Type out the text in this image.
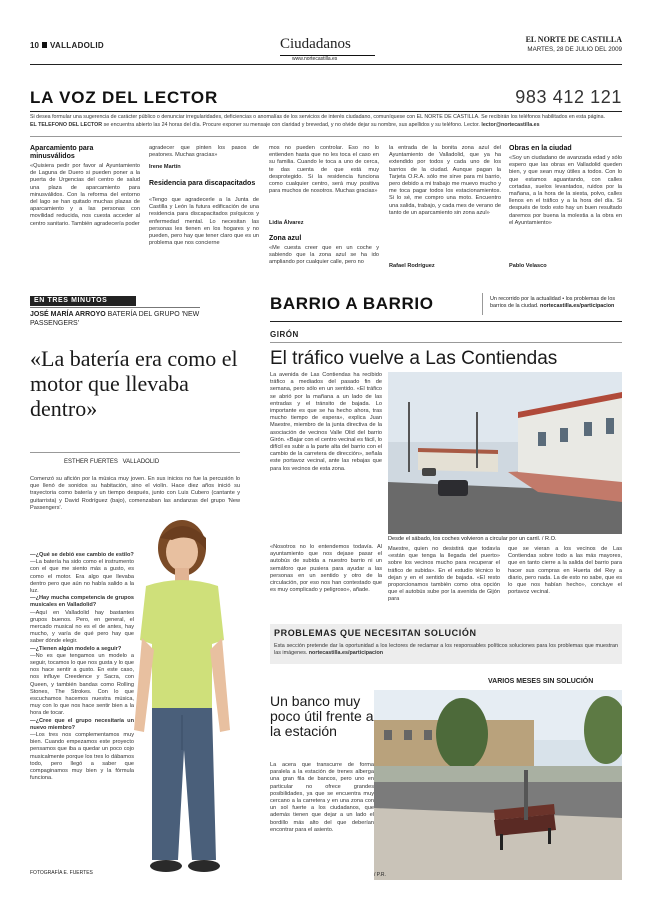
10 VALLADOLID	Ciudadanos
www.nortecastilla.es
EL NORTE DE CASTILLA
MARTES, 28 DE JULIO DEL 2009
LA VOZ DEL LECTOR	983 412 121
Si desea formular una sugerencia de carácter público o denunciar irregularidades, deficiencias o anomalías de los servicios de interés ciudadano, comuníquese con EL NORTE DE CASTILLA. Se recibirán los teléfonos habilitados en esta página.
EL TELÉFONO DEL LECTOR se encuentra abierto las 24 horas del día. Procure exponer su mensaje con claridad y brevedad, y no olvide dejar su nombre, sus apellidos y su teléfono. Lector. lector@nortecastilla.es
Aparcamiento para minusválidos
«Quisiera pedir por favor al Ayuntamiento de Laguna de Duero si pueden poner a la puerta de Urgencias del centro de salud una plaza de aparcamiento para minusválidos. Con la reforma del entorno del lago se han quitado muchas plazas de aparcamiento y a las personas con movilidad reducida, nos cuesta acceder al centro sanitario. También agradecería poder
agradecer que pinten los pasos de peatones. Muchas gracias»
Irene Martín
Residencia para discapacitados
«Tengo que agradecerle a la Junta de Castilla y León la futura edificación de una residencia para discapacitados psíquicos y enfermedad mental. Lo necesitan las personas les tienen en los hogares y no pueden, pero hay que tener claro que es un problema que nos concierne
mos no pueden controlar. Eso no lo entienden hasta que no les toca el caso en su familia. Cuando le toca a uno de cerca, te das cuenta de que está muy desprotegido. Si la residencia funciona como cualquier centro, será muy positiva para muchos de nosotros. Muchas gracias»
Lidia Álvarez
Zona azul
«Me cuesta creer que en un coche y sabiendo que la zona azul se ha ido ampliando por cualquier calle, pero no
la entrada de la bonita zona azul del Ayuntamiento de Valladolid, que ya ha extendido por todos y cada uno de los barrios de la ciudad. Aunque pagan la Tarjeta O.R.A. sólo me sirve para mi barrio, pero debido a mi trabajo me muevo mucho y me toca pagar todos los estacionamientos. Si lo sé, me compro una moto. Encuentro una salida, trabajo, y cada mes de verano de tanto de un aparcamiento sin zona azul»
Rafael Rodríguez
Obras en la ciudad
«Soy un ciudadano de avanzada edad y sólo espero que las obras en Valladolid queden bien, y que sean muy útiles a todos. Con lo que estamos aguantando, con calles cortadas, suelos levantados, ruidos por la mañana, a la hora de la siesta, polvo, calles llenos en el tráfico y a la hora del día. Si después de todo esto hay un buen resultado daremos por buena la molestia a la obra en el Ayuntamiento»
Pablo Velasco
EN TRES MINUTOS
JOSÉ MARÍA ARROYO BATERÍA DEL GRUPO 'NEW PASSENGERS'
«La batería era como el motor que llevaba dentro»
ESTHER FUERTES VALLADOLID
Comenzó su afición por la música muy joven. En sus inicios no fue la percusión lo que llenó de sonidos su habitación, sino el violín. Hace diez años inició su trayectoria como batería y un tiempo después, junto con Luis Cubero (cantante y guitarrista) y David Rodríguez (bajo), comenzaban las andanzas del grupo 'New Passengers'.
—¿Qué se debió ese cambio de estilo?
—La batería ha sido como el instrumento con el que me siento más a gusto, es como el motor. Era algo que llevaba dentro pero que aún no había salido a la luz.
—¿Hay mucha competencia de grupos musicales en Valladolid?
—Aquí en Valladolid hay bastantes grupos buenos. Pero, en general, el mercado musical no es el de antes, hay mucho, y varía de qué pero hay que saber dónde elegir.
—¿Tienen algún modelo a seguir?
—No es que tengamos un modelo a seguir, tocamos lo que nos gusta y lo que nos hace sentir a gusto. En este caso, nos influye Creedence y Sacra, con Queen, y también bandas como Rolling Stones, The Strokes. Con lo que escuchamos hacemos nuestra música, muy con lo que nos hace sentir bien a la hora de tocar.
—¿Cree que el grupo necesitaría un nuevo miembro?
—Los tres nos complementamos muy bien. Cuando empezamos este proyecto pensamos que iba a quedar un poco cojo musicalmente porque los tres lo dábamos todo, pero llegó a saber que compaginamos muy bien y la fórmula funciona.
FOTOGRAFÍA E. FUERTES
BARRIO A BARRIO	Un recorrido por la actualidad • los problemas de los barrios de la ciudad. nortecastilla.es/participacion
GIRÓN
El tráfico vuelve a Las Contiendas
La avenida de Las Contiendas ha recibido tráfico a mediados del pasado fin de semana, pero sólo en un sentido. «El tráfico se abrió por la mañana a un lado de las entradas y el tránsito de bajada. Lo importante es que se ha hecho ahora, tras mucho tiempo de espera», explica Juan Maestre, miembro de la junta directiva de la asociación de vecinos Valle Olid del barrio Girón. «Bajar con el centro vecinal es fácil, lo difícil es subir a la parte alta del barrio con el cambio de la carretera de dirección», señala este portavoz vecinal, ante las rebajas que para los vecinos de esta zona.
«Nosotros no lo entendemos todavía. Al ayuntamiento que nos dejase pasar el autobús de subida a nuestro barrio ni un semáforo que pusiera para ayudar a las personas en un sentido y otro de la circulación, por eso nos han contestado que es muy complicado y peligroso», añade.
Desde el sábado, los coches volvieron a circular por un carril. / R.O.
Maestre, quien no desistirá que todavía «están que tenga la llegada del puerto» sobre los vecinos mucho para recuperar el tráfico de subida». En el estudio técnico lo dejan y en el sentido de bajada. «El resto proporcionamos también como otra opción que el autobús sube por la avenida de Gijón para
que se vieran a los vecinos de Las Contiendas sobre todo a las más mayores, que en tanto cierre a la salida del barrio para hacer sus compras en Huerta del Rey a diario, pero nada. La de esto no sabe, que es lo que nos habían hecho», concluye el portavoz vecinal.
PROBLEMAS QUE NECESITAN SOLUCIÓN
Esta sección pretende dar la oportunidad a los lectores de reclamar a los responsables políticos soluciones para los problemas que muestran las imágenes. nortecastilla.es/participacion
VARIOS MESES SIN SOLUCIÓN
Un banco muy poco útil frente a la estación
La acera que transcurre de forma paralela a la estación de trenes alberga una gran fila de bancos, pero uno en particular no ofrece grandes posibilidades, ya que se encuentra muy cercano a la carretera y en una zona con un sol fuerte a los ciudadanos, que además tienen que dejar a un lado el bordillo más alto del que deberían encontrar para el asiento.
/ P.R.
